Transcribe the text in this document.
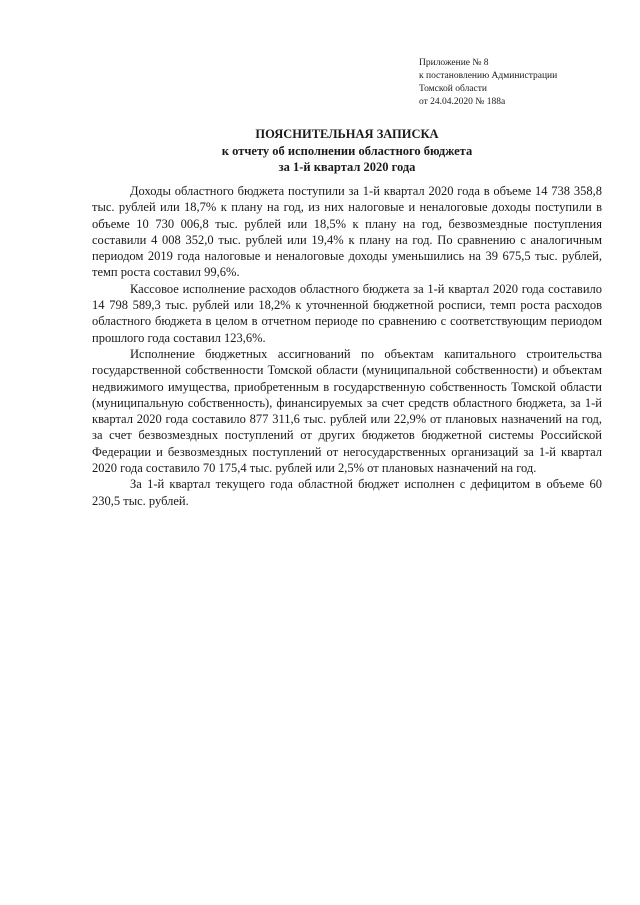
Приложение № 8
к постановлению Администрации
Томской области
от 24.04.2020 № 188а
ПОЯСНИТЕЛЬНАЯ ЗАПИСКА
к отчету об исполнении областного бюджета
за 1-й квартал 2020 года

Доходы областного бюджета поступили за 1-й квартал 2020 года в объеме 14 738 358,8 тыс. рублей или 18,7% к плану на год, из них налоговые и неналоговые доходы поступили в объеме 10 730 006,8 тыс. рублей или 18,5% к плану на год, безвозмездные поступления составили 4 008 352,0 тыс. рублей или 19,4% к плану на год. По сравнению с аналогичным периодом 2019 года налоговые и неналоговые доходы уменьшились на 39 675,5 тыс. рублей, темп роста составил 99,6%.

Кассовое исполнение расходов областного бюджета за 1-й квартал 2020 года составило 14 798 589,3 тыс. рублей или 18,2% к уточненной бюджетной росписи, темп роста расходов областного бюджета в целом в отчетном периоде по сравнению с соответствующим периодом прошлого года составил 123,6%.

Исполнение бюджетных ассигнований по объектам капитального строительства государственной собственности Томской области (муниципальной собственности) и объектам недвижимого имущества, приобретенным в государственную собственность Томской области (муниципальную собственность), финансируемых за счет средств областного бюджета, за 1-й квартал 2020 года составило 877 311,6 тыс. рублей или 22,9% от плановых назначений на год, за счет безвозмездных поступлений от других бюджетов бюджетной системы Российской Федерации и безвозмездных поступлений от негосударственных организаций за 1-й квартал 2020 года составило 70 175,4 тыс. рублей или 2,5% от плановых назначений на год.

За 1-й квартал текущего года областной бюджет исполнен с дефицитом в объеме 60 230,5 тыс. рублей.
